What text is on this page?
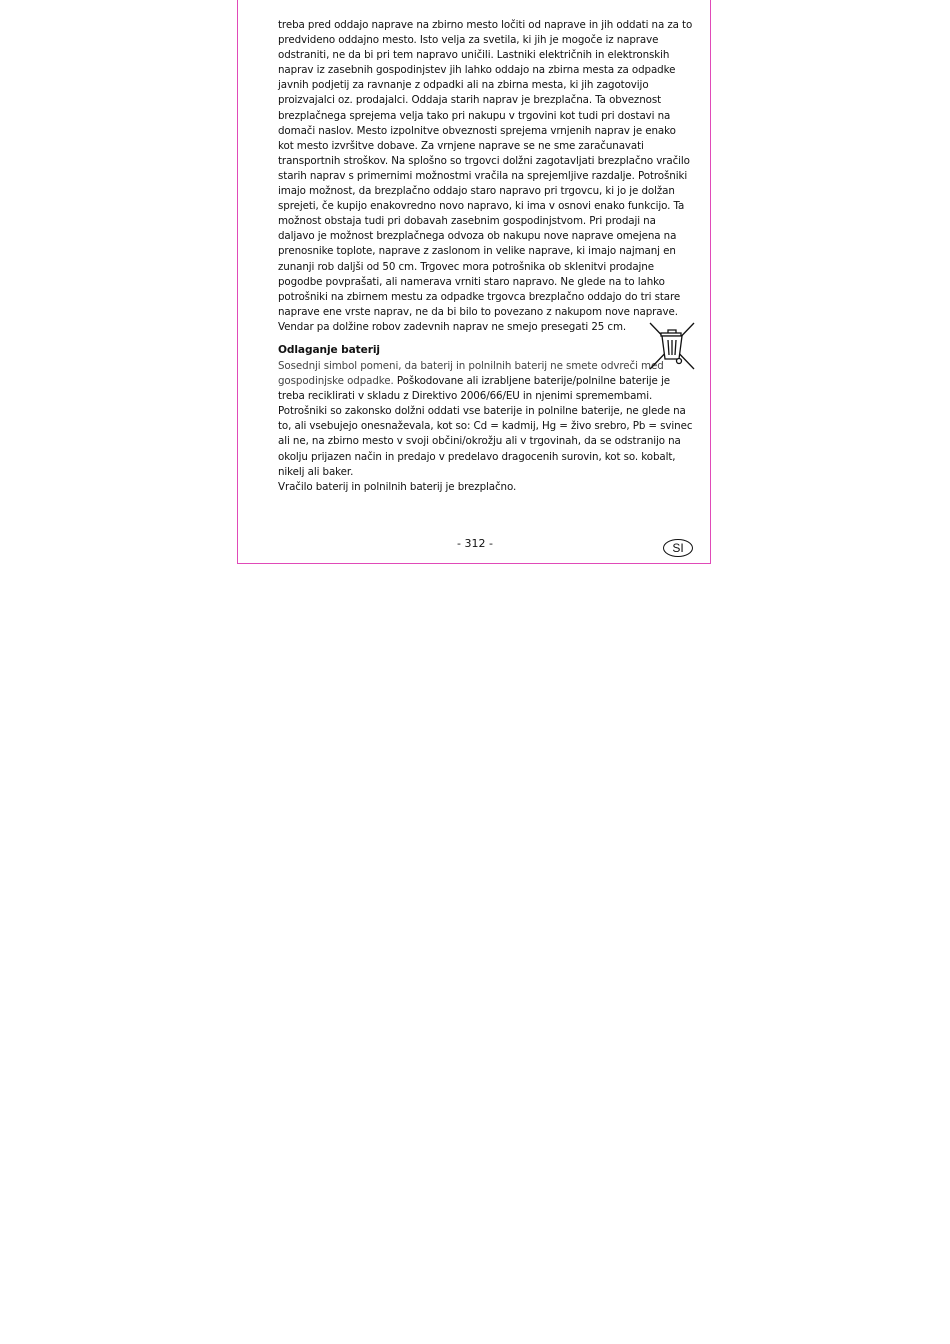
treba pred oddajo naprave na zbirno mesto ločiti od naprave in jih oddati na za to predvideno oddajno mesto. Isto velja za svetila, ki jih je mogoče iz naprave odstraniti, ne da bi pri tem napravo uničili. Lastniki električnih in elektronskih naprav iz zasebnih gospodinjstev jih lahko oddajo na zbirna mesta za odpadke javnih podjetij za ravnanje z odpadki ali na zbirna mesta, ki jih zagotovijo proizvajalci oz. prodajalci. Oddaja starih naprav je brezplačna. Ta obveznost brezplačnega sprejema velja tako pri nakupu v trgovini kot tudi pri dostavi na domači naslov. Mesto izpolnitve obveznosti sprejema vrnjenih naprav je enako kot mesto izvršitve dobave. Za vrnjene naprave se ne sme zaračunavati transportnih stroškov. Na splošno so trgovci dolžni zagotavljati brezplačno vračilo starih naprav s primernimi možnostmi vračila na sprejemljive razdalje. Potrošniki imajo možnost, da brezplačno oddajo staro napravo pri trgovcu, ki jo je dolžan sprejeti, če kupijo enakovredno novo napravo, ki ima v osnovi enako funkcijo. Ta možnost obstaja tudi pri dobavah zasebnim gospodinjstvom. Pri prodaji na daljavo je možnost brezplačnega odvoza ob nakupu nove naprave omejena na prenosnike toplote, naprave z zaslonom in velike naprave, ki imajo najmanj en zunanji rob daljši od 50 cm. Trgovec mora potrošnika ob sklenitvi prodajne pogodbe povprašati, ali namerava vrniti staro napravo. Ne glede na to lahko potrošniki na zbirnem mestu za odpadke trgovca brezplačno oddajo do tri stare naprave ene vrste naprav, ne da bi bilo to povezano z nakupom nove naprave. Vendar pa dolžine robov zadevnih naprav ne smejo presegati 25 cm.

Odlaganje baterij

Sosednji simbol pomeni, da baterij in polnilnih baterij ne smete odvreči med gospodinjske odpadke. Poškodovane ali izrabljene baterije/polnilne baterije je treba reciklirati v skladu z Direktivo 2006/66/EU in njenimi spremembami. Potrošniki so zakonsko dolžni oddati vse baterije in polnilne baterije, ne glede na to, ali vsebujejo onesnaževala, kot so: Cd = kadmij, Hg = živo srebro, Pb = svinec ali ne, na zbirno mesto v svoji občini/okrožju ali v trgovinah, da se odstranijo na okolju prijazen način in predajo v predelavo dragocenih surovin, kot so. kobalt, nikelj ali baker.

Vračilo baterij in polnilnih baterij je brezplačno.

- 312 -	SI
